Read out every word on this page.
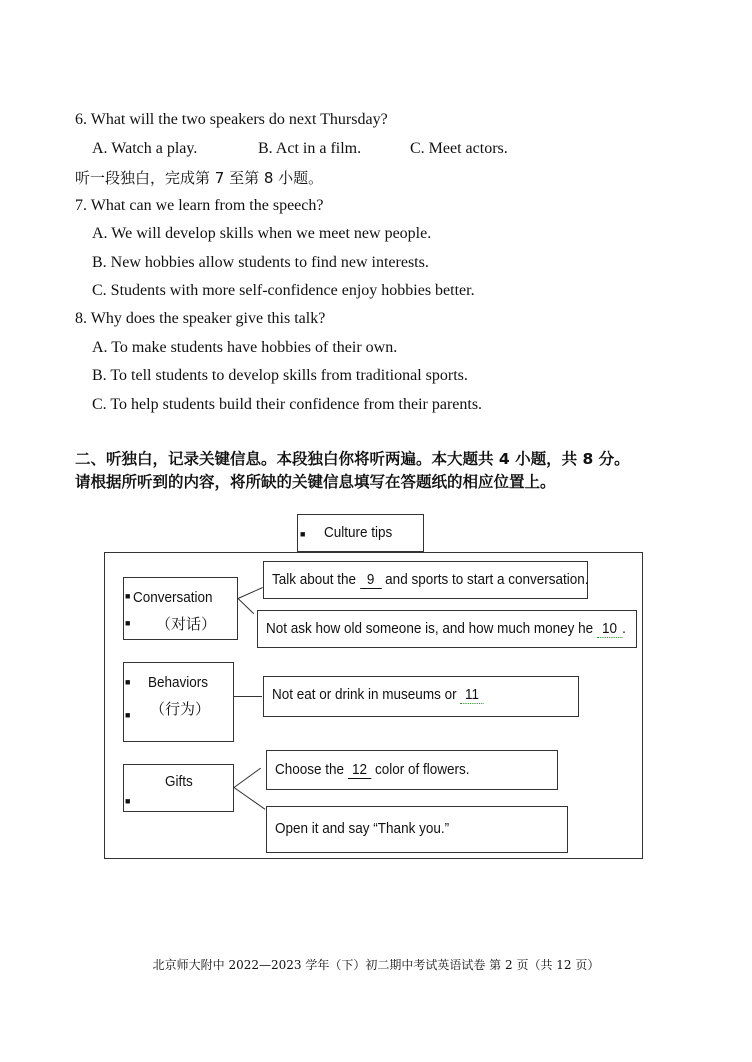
6. What will the two speakers do next Thursday?
A. Watch a play.	B. Act in a film.	C. Meet actors.
听一段独白，完成第 7 至第 8 小题。
7. What can we learn from the speech?
A. We will develop skills when we meet new people.
B. New hobbies allow students to find new interests.
C. Students with more self-confidence enjoy hobbies better.
8. Why does the speaker give this talk?
A. To make students have hobbies of their own.
B. To tell students to develop skills from traditional sports.
C. To help students build their confidence from their parents.
二、听独白，记录关键信息。本段独白你将听两遍。本大题共 4 小题，共 8 分。
请根据所听到的内容，将所缺的关键信息填写在答题纸的相应位置上。
■ Culture tips
■
■
Conversation
（对话）
■
■
Behaviors
（行为）
■
Gifts
Talk about the 9 and sports to start a conversation.
Not ask how old someone is, and how much money he 10 .
Not eat or drink in museums or 11
Choose the 12 color of flowers.
Open it and say “Thank you.”
北京师大附中 2022—2023 学年（下）初二期中考试英语试卷 第 2 页（共 12 页）
